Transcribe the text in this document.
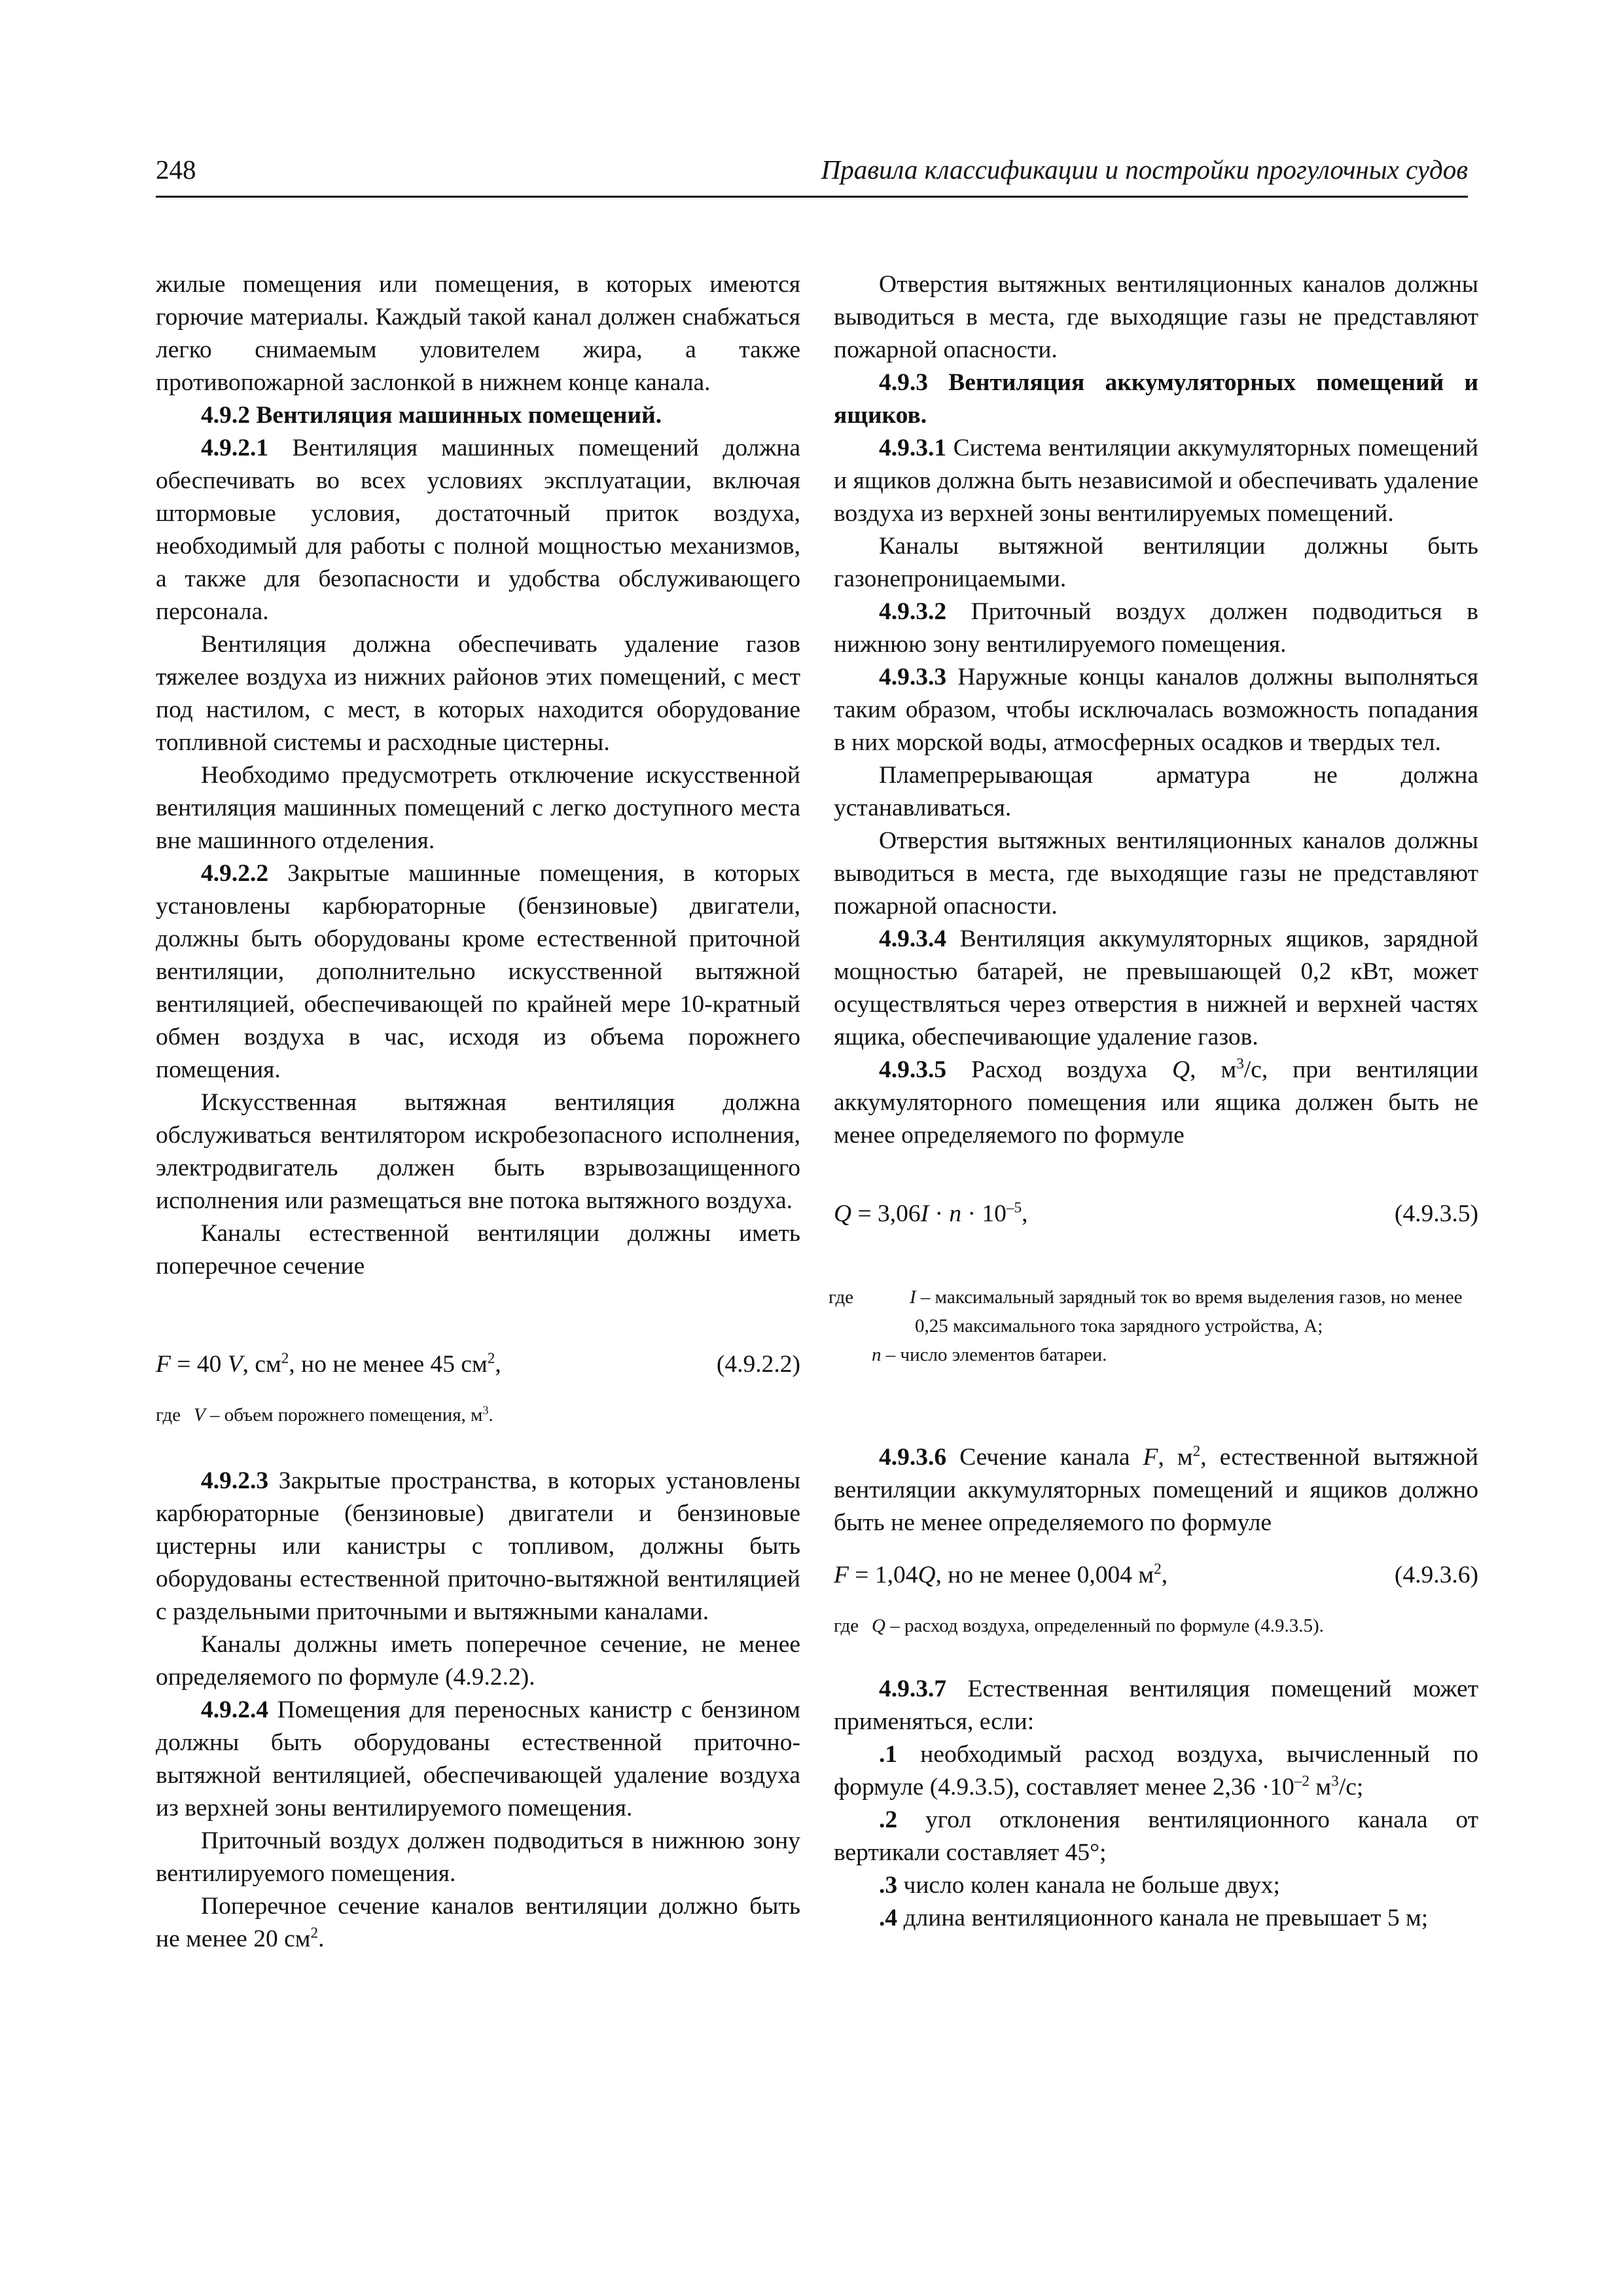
248	Правила классификации и постройки прогулочных судов

жилые помещения или помещения, в которых имеются горючие материалы. Каждый такой канал должен снабжаться легко снимаемым уловителем жира, а также противопожарной заслонкой в нижнем конце канала.

4.9.2 Вентиляция машинных помещений.

4.9.2.1 Вентиляция машинных помещений должна обеспечивать во всех условиях эксплуатации, включая штормовые условия, достаточный приток воздуха, необходимый для работы с полной мощностью механизмов, а также для безопасности и удобства обслуживающего персонала.

Вентиляция должна обеспечивать удаление газов тяжелее воздуха из нижних районов этих помещений, с мест под настилом, с мест, в которых находится оборудование топливной системы и расходные цистерны.

Необходимо предусмотреть отключение искусственной вентиляция машинных помещений с легко доступного места вне машинного отделения.

4.9.2.2 Закрытые машинные помещения, в которых установлены карбюраторные (бензиновые) двигатели, должны быть оборудованы кроме естественной приточной вентиляции, дополнительно искусственной вытяжной вентиляцией, обеспечивающей по крайней мере 10-кратный обмен воздуха в час, исходя из объема порожнего помещения.

Искусственная вытяжная вентиляция должна обслуживаться вентилятором искробезопасного исполнения, электродвигатель должен быть взрывозащищенного исполнения или размещаться вне потока вытяжного воздуха.

Каналы естественной вентиляции должны иметь поперечное сечение

F = 40 V, $см^2$, но не менее 45 $см^2$,	(4.9.2.2)

где V – объем порожнего помещения, $м^3$.

4.9.2.3 Закрытые пространства, в которых установлены карбюраторные (бензиновые) двигатели и бензиновые цистерны или канистры с топливом, должны быть оборудованы естественной приточно-вытяжной вентиляцией с раздельными приточными и вытяжными каналами.

Каналы должны иметь поперечное сечение, не менее определяемого по формуле (4.9.2.2).

4.9.2.4 Помещения для переносных канистр с бензином должны быть оборудованы естественной приточно-вытяжной вентиляцией, обеспечивающей удаление воздуха из верхней зоны вентилируемого помещения.

Приточный воздух должен подводиться в нижнюю зону вентилируемого помещения.

Поперечное сечение каналов вентиляции должно быть не менее 20 $см^2$.

Отверстия вытяжных вентиляционных каналов должны выводиться в места, где выходящие газы не представляют пожарной опасности.

4.9.3 Вентиляция аккумуляторных помещений и ящиков.

4.9.3.1 Система вентиляции аккумуляторных помещений и ящиков должна быть независимой и обеспечивать удаление воздуха из верхней зоны вентилируемых помещений.

Каналы вытяжной вентиляции должны быть газонепроницаемыми.

4.9.3.2 Приточный воздух должен подводиться в нижнюю зону вентилируемого помещения.

4.9.3.3 Наружные концы каналов должны выполняться таким образом, чтобы исключалась возможность попадания в них морской воды, атмосферных осадков и твердых тел.

Пламепрерывающая арматура не должна устанавливаться.

Отверстия вытяжных вентиляционных каналов должны выводиться в места, где выходящие газы не представляют пожарной опасности.

4.9.3.4 Вентиляция аккумуляторных ящиков, зарядной мощностью батарей, не превышающей 0,2 кВт, может осуществляться через отверстия в нижней и верхней частях ящика, обеспечивающие удаление газов.

4.9.3.5 Расход воздуха Q, $м^3/с$, при вентиляции аккумуляторного помещения или ящика должен быть не менее определяемого по формуле

$Q = 3,06I \cdot n \cdot 10^{-5}$,	(4.9.3.5)

где	I – максимальный зарядный ток во время выделения газов, но менее 0,25 максимального тока зарядного устройства, А;

n – число элементов батареи.

4.9.3.6 Сечение канала F, $м^2$, естественной вытяжной вентиляции аккумуляторных помещений и ящиков должно быть не менее определяемого по формуле

F = 1,04Q, но не менее 0,004 $м^2$,	(4.9.3.6)

где Q – расход воздуха, определенный по формуле (4.9.3.5).

4.9.3.7 Естественная вентиляция помещений может применяться, если:

.1 необходимый расход воздуха, вычисленный по формуле (4.9.3.5), составляет менее $2,36 \cdot 10^{-2}$ $м^3/с$;

.2 угол отклонения вентиляционного канала от вертикали составляет 45°;

.3 число колен канала не больше двух;

.4 длина вентиляционного канала не превышает 5 м;
